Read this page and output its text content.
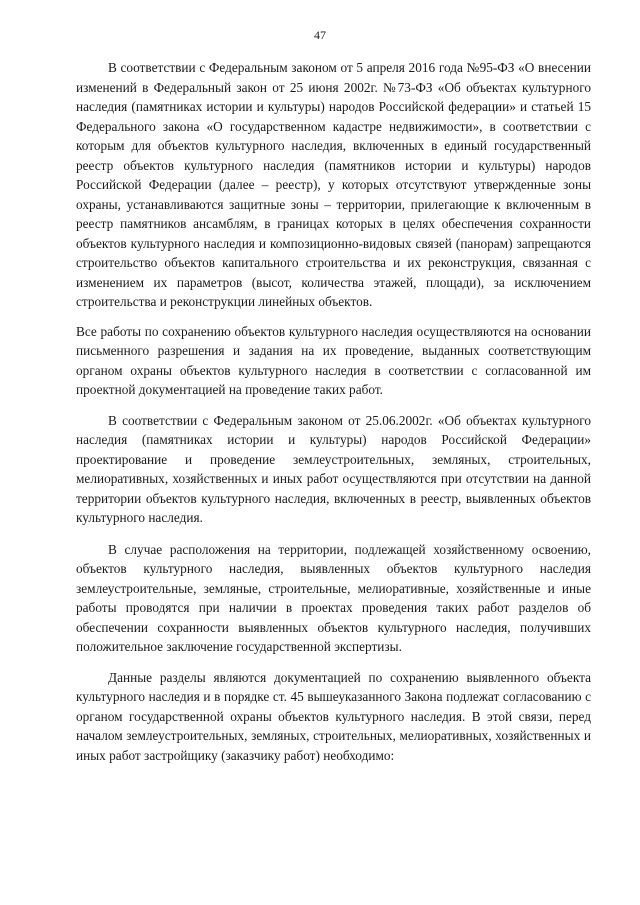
47

В соответствии с Федеральным законом от 5 апреля 2016 года №95-ФЗ «О внесении изменений в Федеральный закон от 25 июня 2002г. №73-ФЗ «Об объектах культурного наследия (памятниках истории и культуры) народов Российской федерации» и статьей 15 Федерального закона «О государственном кадастре недвижимости», в соответствии с которым для объектов культурного наследия, включенных в единый государственный реестр объектов культурного наследия (памятников истории и культуры) народов Российской Федерации (далее – реестр), у которых отсутствуют утвержденные зоны охраны, устанавливаются защитные зоны – территории, прилегающие к включенным в реестр памятников ансамблям, в границах которых в целях обеспечения сохранности объектов культурного наследия и композиционно-видовых связей (панорам) запрещаются строительство объектов капитального строительства и их реконструкция, связанная с изменением их параметров (высот, количества этажей, площади), за исключением строительства и реконструкции линейных объектов.

Все работы по сохранению объектов культурного наследия осуществляются на основании письменного разрешения и задания на их проведение, выданных соответствующим органом охраны объектов культурного наследия в соответствии с согласованной им проектной документацией на проведение таких работ.

В соответствии с Федеральным законом от 25.06.2002г. «Об объектах культурного наследия (памятниках истории и культуры) народов Российской Федерации» проектирование и проведение землеустроительных, земляных, строительных, мелиоративных, хозяйственных и иных работ осуществляются при отсутствии на данной территории объектов культурного наследия, включенных в реестр, выявленных объектов культурного наследия.

В случае расположения на территории, подлежащей хозяйственному освоению, объектов культурного наследия, выявленных объектов культурного наследия землеустроительные, земляные, строительные, мелиоративные, хозяйственные и иные работы проводятся при наличии в проектах проведения таких работ разделов об обеспечении сохранности выявленных объектов культурного наследия, получивших положительное заключение государственной экспертизы.

Данные разделы являются документацией по сохранению выявленного объекта культурного наследия и в порядке ст. 45 вышеуказанного Закона подлежат согласованию с органом государственной охраны объектов культурного наследия. В этой связи, перед началом землеустроительных, земляных, строительных, мелиоративных, хозяйственных и иных работ застройщику (заказчику работ) необходимо:
